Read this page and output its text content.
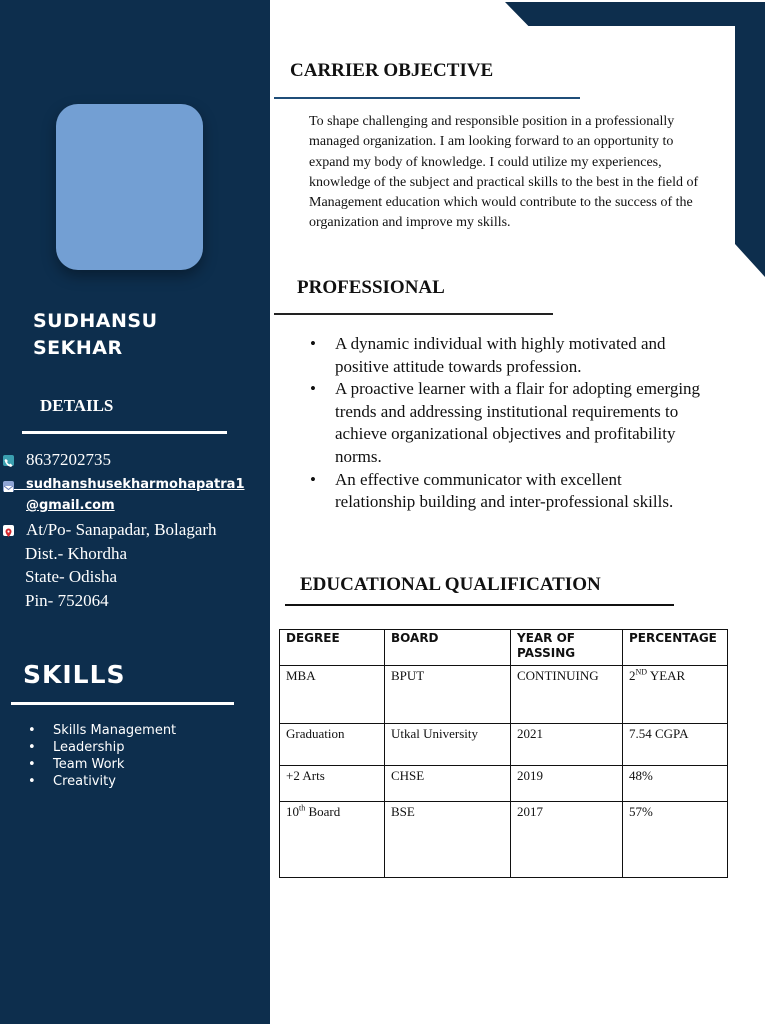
SUDHANSU
SEKHAR
DETAILS
8637202735
sudhanshusekharmohapatra1
@gmail.com
At/Po- Sanapadar, Bolagarh
Dist.- Khordha
State- Odisha
Pin- 752064
SKILLS
• Skills Management
• Leadership
• Team Work
• Creativity
CARRIER OBJECTIVE
To shape challenging and responsible position in a professionally managed organization. I am looking forward to an opportunity to expand my body of knowledge. I could utilize my experiences, knowledge of the subject and practical skills to the best in the field of Management education which would contribute to the success of the organization and improve my skills.
PROFESSIONAL
• A dynamic individual with highly motivated and positive attitude towards profession.
• A proactive learner with a flair for adopting emerging trends and addressing institutional requirements to achieve organizational objectives and profitability norms.
• An effective communicator with excellent relationship building and inter-professional skills.
EDUCATIONAL QUALIFICATION
DEGREE	BOARD	YEAR OF PASSING	PERCENTAGE
MBA	BPUT	CONTINUING	2ND YEAR
Graduation	Utkal University	2021	7.54 CGPA
+2 Arts	CHSE	2019	48%
10th Board	BSE	2017	57%
